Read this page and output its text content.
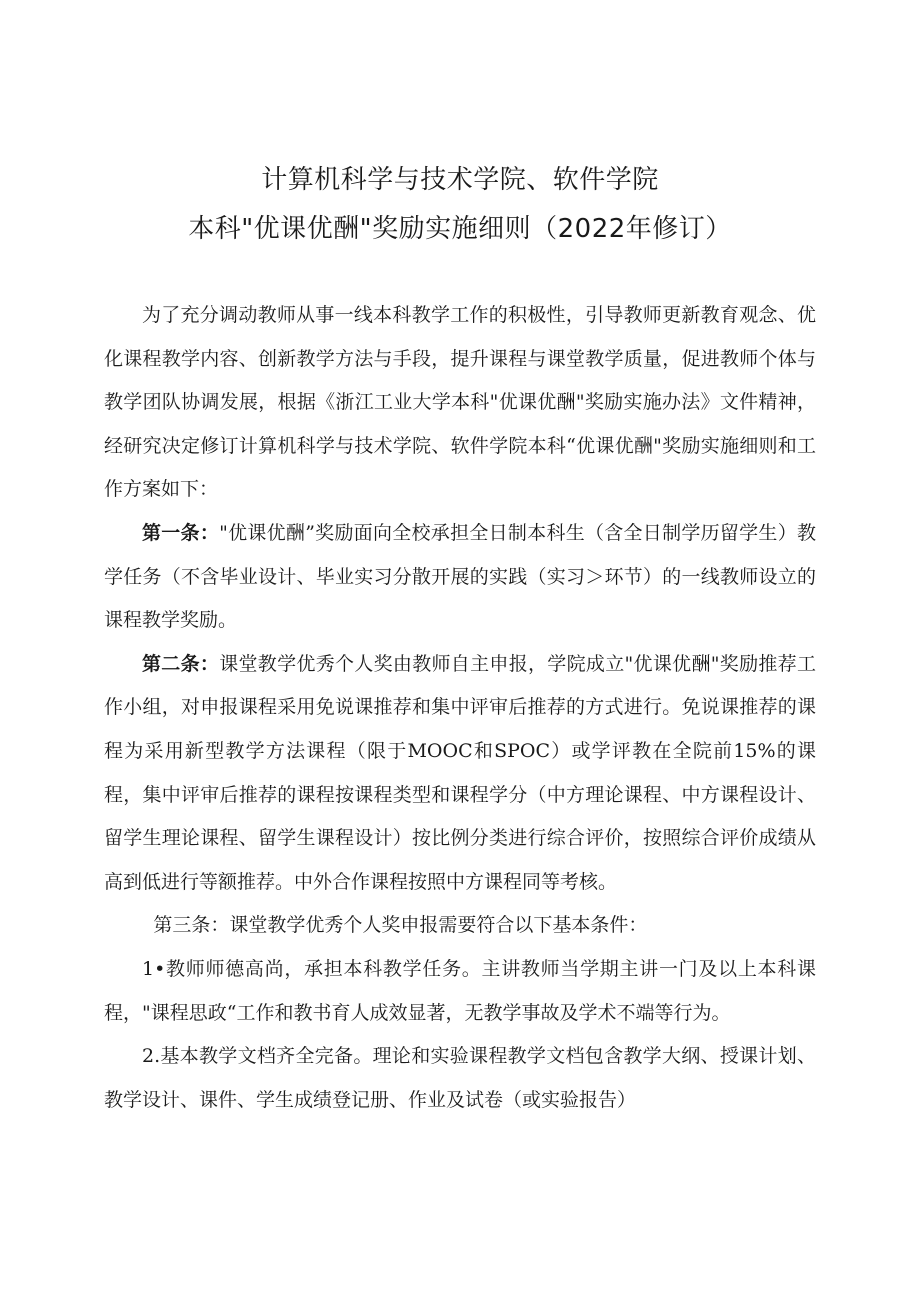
计算机科学与技术学院、软件学院
本科"优课优酬"奖励实施细则（2022年修订）

为了充分调动教师从事一线本科教学工作的积极性，引导教师更新教育观念、优化课程教学内容、创新教学方法与手段，提升课程与课堂教学质量，促进教师个体与教学团队协调发展，根据《浙江工业大学本科"优课优酬"奖励实施办法》文件精神，经研究决定修订计算机科学与技术学院、软件学院本科“优课优酬"奖励实施细则和工作方案如下：

第一条："优课优酬”奖励面向全校承担全日制本科生（含全日制学历留学生）教学任务（不含毕业设计、毕业实习分散开展的实践（实习＞环节）的一线教师设立的课程教学奖励。

第二条：课堂教学优秀个人奖由教师自主申报，学院成立"优课优酬"奖励推荐工作小组，对申报课程采用免说课推荐和集中评审后推荐的方式进行。免说课推荐的课程为采用新型教学方法课程（限于MOOC和SPOC）或学评教在全院前15%的课程，集中评审后推荐的课程按课程类型和课程学分（中方理论课程、中方课程设计、留学生理论课程、留学生课程设计）按比例分类进行综合评价，按照综合评价成绩从高到低进行等额推荐。中外合作课程按照中方课程同等考核。

第三条：课堂教学优秀个人奖申报需要符合以下基本条件：

1•教师师德高尚，承担本科教学任务。主讲教师当学期主讲一门及以上本科课程，"课程思政“工作和教书育人成效显著，无教学事故及学术不端等行为。

2.基本教学文档齐全完备。理论和实验课程教学文档包含教学大纲、授课计划、教学设计、课件、学生成绩登记册、作业及试卷（或实验报告）
